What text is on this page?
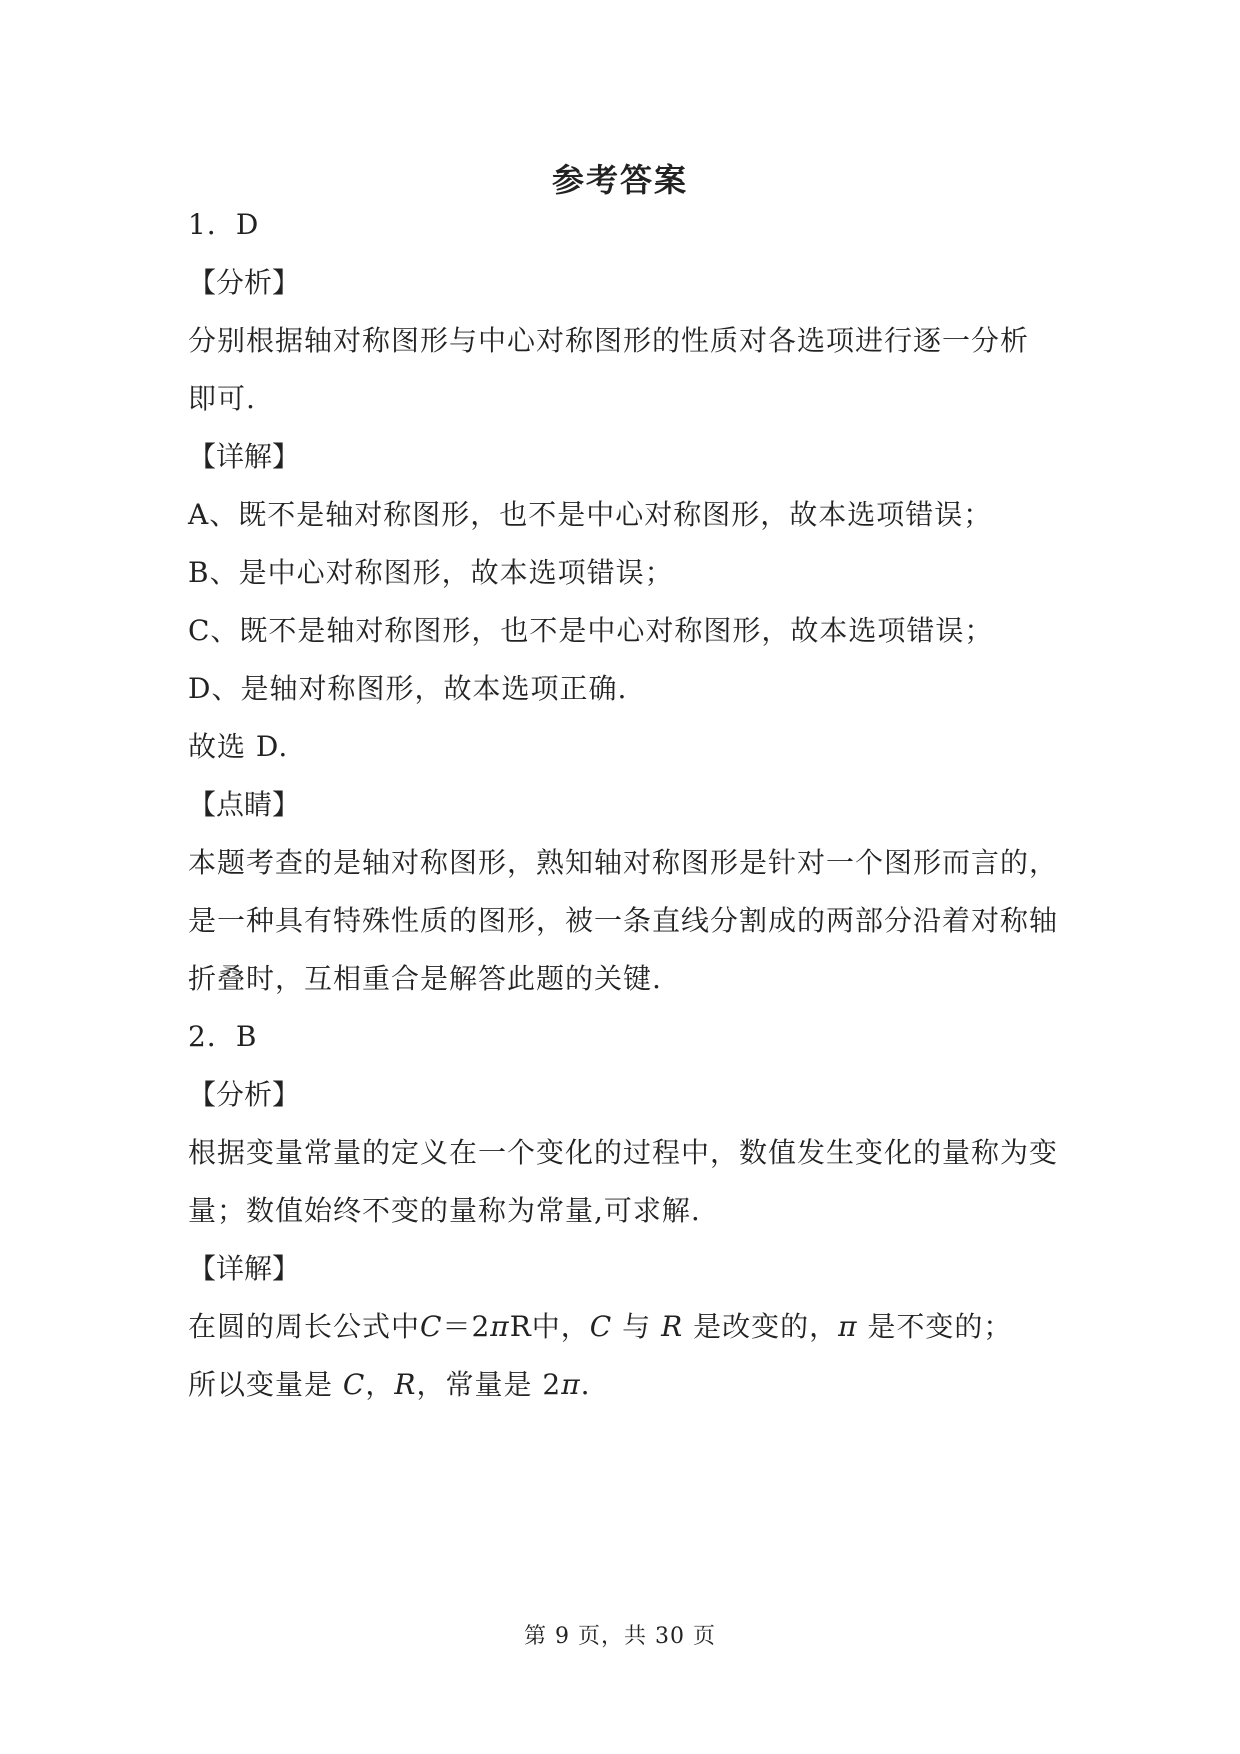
参考答案
1．D
【分析】
分别根据轴对称图形与中心对称图形的性质对各选项进行逐一分析
即可.
【详解】
A、既不是轴对称图形，也不是中心对称图形，故本选项错误；
B、是中心对称图形，故本选项错误；
C、既不是轴对称图形，也不是中心对称图形，故本选项错误；
D、是轴对称图形，故本选项正确.
故选 D.
【点睛】
本题考查的是轴对称图形，熟知轴对称图形是针对一个图形而言的，
是一种具有特殊性质的图形，被一条直线分割成的两部分沿着对称轴
折叠时，互相重合是解答此题的关键.
2．B
【分析】
根据变量常量的定义在一个变化的过程中，数值发生变化的量称为变
量；数值始终不变的量称为常量,可求解.
【详解】
在圆的周长公式中C＝2πR中，C 与 R 是改变的，π 是不变的；
所以变量是 C，R，常量是 2π.
第 9 页，共 30 页
